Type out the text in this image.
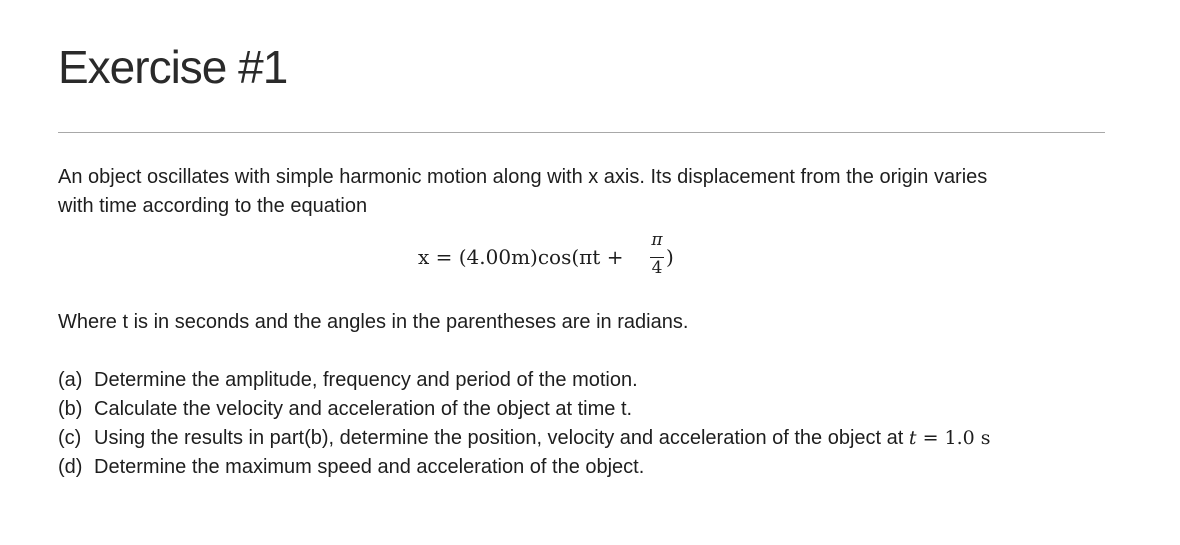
Exercise #1
An object oscillates with simple harmonic motion along with x axis. Its displacement from the origin varies
with time according to the equation
x = (4.00m)cos(πt +
π
4 )
Where t is in seconds and the angles in the parentheses are in radians.
(a) Determine the amplitude, frequency and period of the motion.
(b) Calculate the velocity and acceleration of the object at time t.
(c) Using the results in part(b), determine the position, velocity and acceleration of the object at t = 1.0 s
(d) Determine the maximum speed and acceleration of the object.
